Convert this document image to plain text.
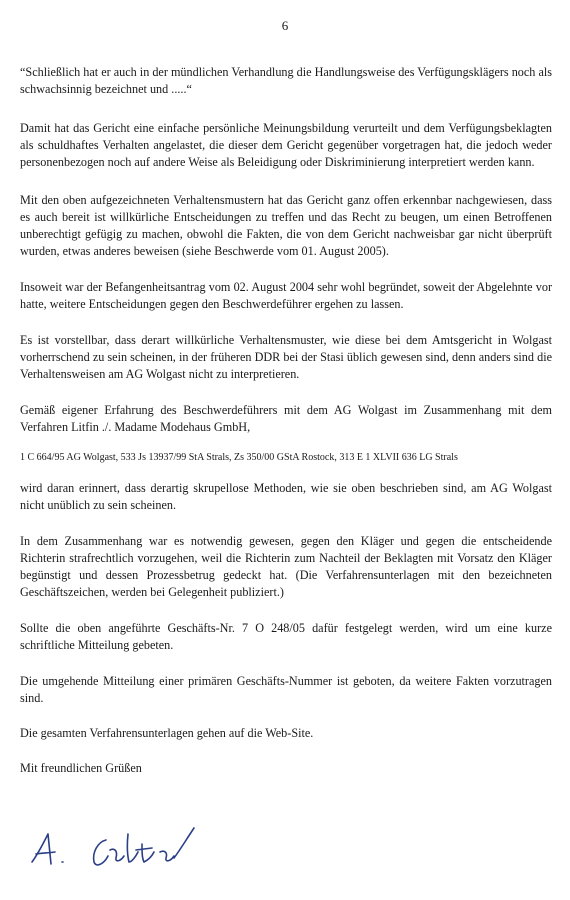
6

“Schließlich hat er auch in der mündlichen Verhandlung die Handlungsweise des Verfügungsklägers noch als schwachsinnig bezeichnet und .....“

Damit hat das Gericht eine einfache persönliche Meinungsbildung verurteilt und dem Verfügungsbeklagten als schuldhaftes Verhalten angelastet, die dieser dem Gericht gegenüber vorgetragen hat, die jedoch weder personenbezogen noch auf andere Weise als Beleidigung oder Diskriminierung interpretiert werden kann.

Mit den oben aufgezeichneten Verhaltensmustern hat das Gericht ganz offen erkennbar nachgewiesen, dass es auch bereit ist willkürliche Entscheidungen zu treffen und das Recht zu beugen, um einen Betroffenen unberechtigt gefügig zu machen, obwohl die Fakten, die von dem Gericht nachweisbar gar nicht überprüft wurden, etwas anderes beweisen (siehe Beschwerde vom 01. August 2005).

Insoweit war der Befangenheitsantrag vom 02. August 2004 sehr wohl begründet, soweit der Abgelehnte vor hatte, weitere Entscheidungen gegen den Beschwerdeführer ergehen zu lassen.

Es ist vorstellbar, dass derart willkürliche Verhaltensmuster, wie diese bei dem Amtsgericht in Wolgast vorherrschend zu sein scheinen, in der früheren DDR bei der Stasi üblich gewesen sind, denn anders sind die Verhaltensweisen am AG Wolgast nicht zu interpretieren.

Gemäß eigener Erfahrung des Beschwerdeführers mit dem AG Wolgast im Zusammenhang mit dem Verfahren Litfin ./. Madame Modehaus GmbH,

1 C 664/95 AG Wolgast, 533 Js 13937/99 StA Strals, Zs 350/00 GStA Rostock, 313 E 1 XLVII 636 LG Strals

wird daran erinnert, dass derartig skrupellose Methoden, wie sie oben beschrieben sind, am AG Wolgast nicht unüblich zu sein scheinen.

In dem Zusammenhang war es notwendig gewesen, gegen den Kläger und gegen die entscheidende Richterin strafrechtlich vorzugehen, weil die Richterin zum Nachteil der Beklagten mit Vorsatz den Kläger begünstigt und dessen Prozessbetrug gedeckt hat. (Die Verfahrensunterlagen mit den bezeichneten Geschäftszeichen, werden bei Gelegenheit publiziert.)

Sollte die oben angeführte Geschäfts-Nr. 7 O 248/05 dafür festgelegt werden, wird um eine kurze schriftliche Mitteilung gebeten.

Die umgehende Mitteilung einer primären Geschäfts-Nummer ist geboten, da weitere Fakten vorzutragen sind.

Die gesamten Verfahrensunterlagen gehen auf die Web-Site.

Mit freundlichen Grüßen
